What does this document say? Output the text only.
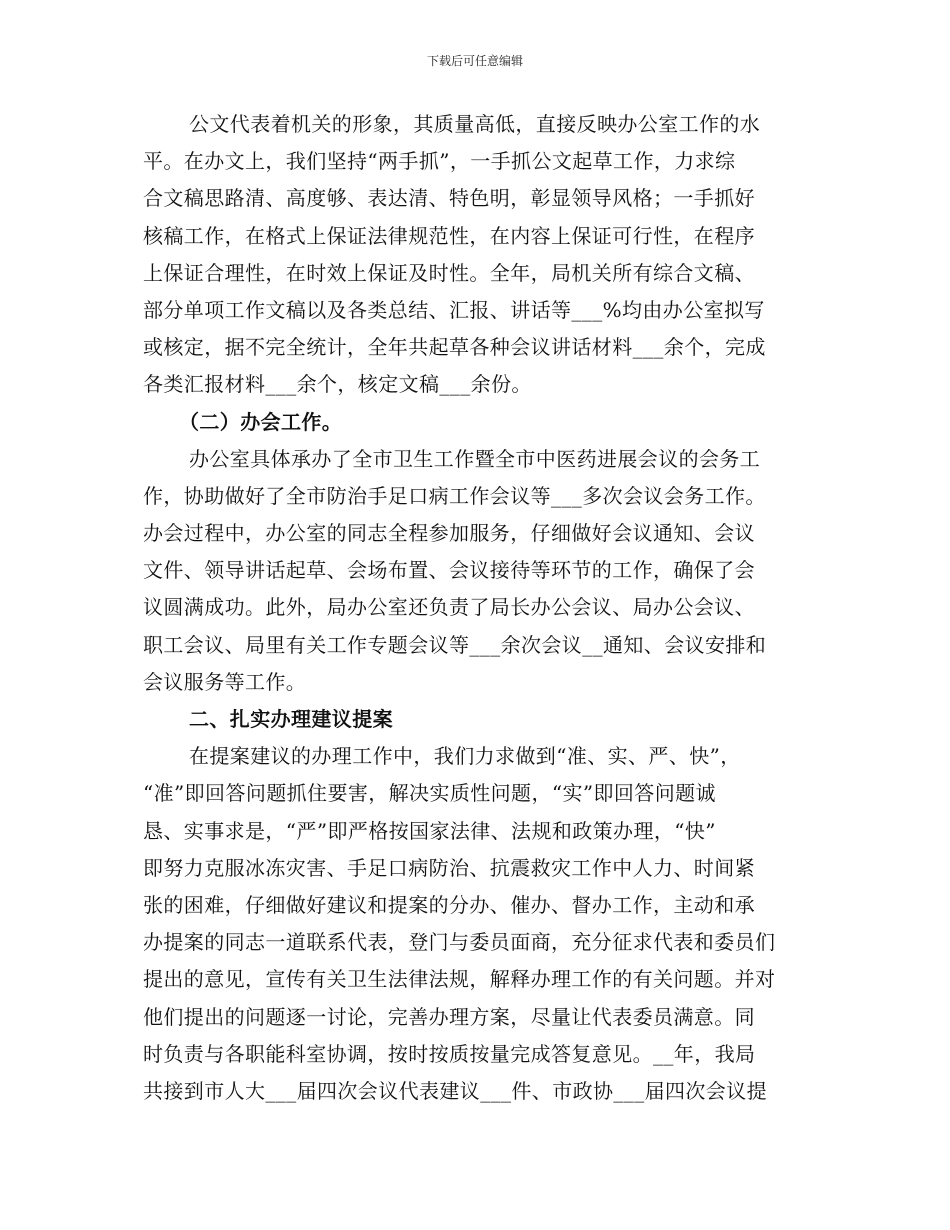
下载后可任意编辑
公文代表着机关的形象，其质量高低，直接反映办公室工作的水
平。在办文上，我们坚持“两手抓”，一手抓公文起草工作，力求综
合文稿思路清、高度够、表达清、特色明，彰显领导风格；一手抓好
核稿工作，在格式上保证法律规范性，在内容上保证可行性，在程序
上保证合理性，在时效上保证及时性。全年，局机关所有综合文稿、
部分单项工作文稿以及各类总结、汇报、讲话等___%均由办公室拟写
或核定，据不完全统计，全年共起草各种会议讲话材料___余个，完成
各类汇报材料___余个，核定文稿___余份。
（二）办会工作。
办公室具体承办了全市卫生工作暨全市中医药进展会议的会务工
作，协助做好了全市防治手足口病工作会议等___多次会议会务工作。
办会过程中，办公室的同志全程参加服务，仔细做好会议通知、会议
文件、领导讲话起草、会场布置、会议接待等环节的工作，确保了会
议圆满成功。此外，局办公室还负责了局长办公会议、局办公会议、
职工会议、局里有关工作专题会议等___余次会议__通知、会议安排和
会议服务等工作。
二、扎实办理建议提案
在提案建议的办理工作中，我们力求做到“准、实、严、快”，
“准”即回答问题抓住要害，解决实质性问题，“实”即回答问题诚
恳、实事求是，“严”即严格按国家法律、法规和政策办理，“快”
即努力克服冰冻灾害、手足口病防治、抗震救灾工作中人力、时间紧
张的困难，仔细做好建议和提案的分办、催办、督办工作，主动和承
办提案的同志一道联系代表，登门与委员面商，充分征求代表和委员们
提出的意见，宣传有关卫生法律法规，解释办理工作的有关问题。并对
他们提出的问题逐一讨论，完善办理方案，尽量让代表委员满意。同
时负责与各职能科室协调，按时按质按量完成答复意见。__年，我局
共接到市人大___届四次会议代表建议___件、市政协___届四次会议提
